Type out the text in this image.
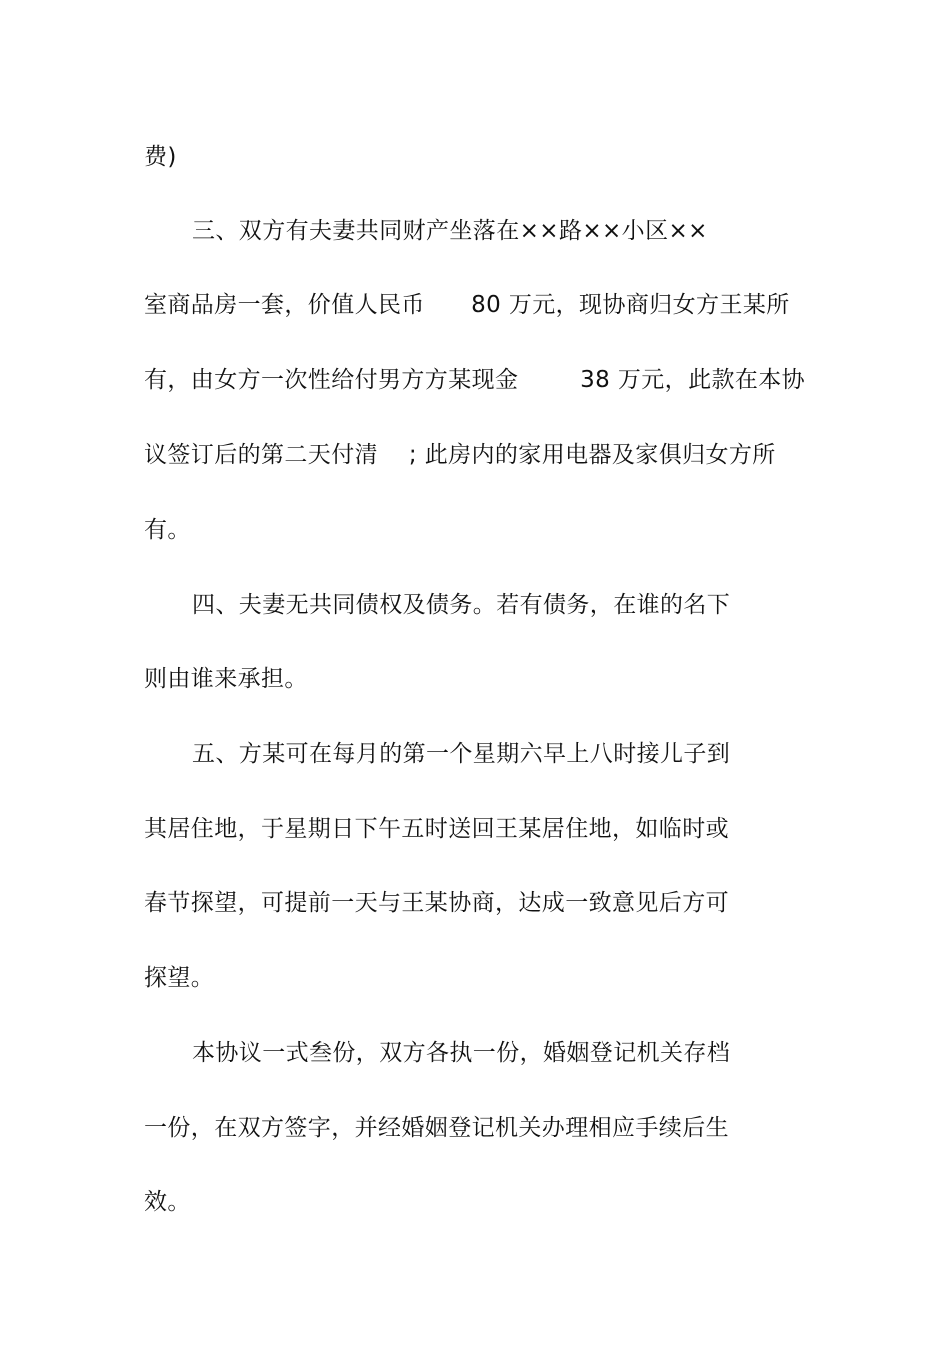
费)
三、双方有夫妻共同财产坐落在××路××小区××
室商品房一套，价值人民币      80 万元，现协商归女方王某所
有，由女方一次性给付男方方某现金        38 万元，此款在本协
议签订后的第二天付清    ; 此房内的家用电器及家俱归女方所
有。
四、夫妻无共同债权及债务。若有债务，在谁的名下
则由谁来承担。
五、方某可在每月的第一个星期六早上八时接儿子到
其居住地，于星期日下午五时送回王某居住地，如临时或
春节探望，可提前一天与王某协商，达成一致意见后方可
探望。
本协议一式叁份，双方各执一份，婚姻登记机关存档
一份，在双方签字，并经婚姻登记机关办理相应手续后生
效。
